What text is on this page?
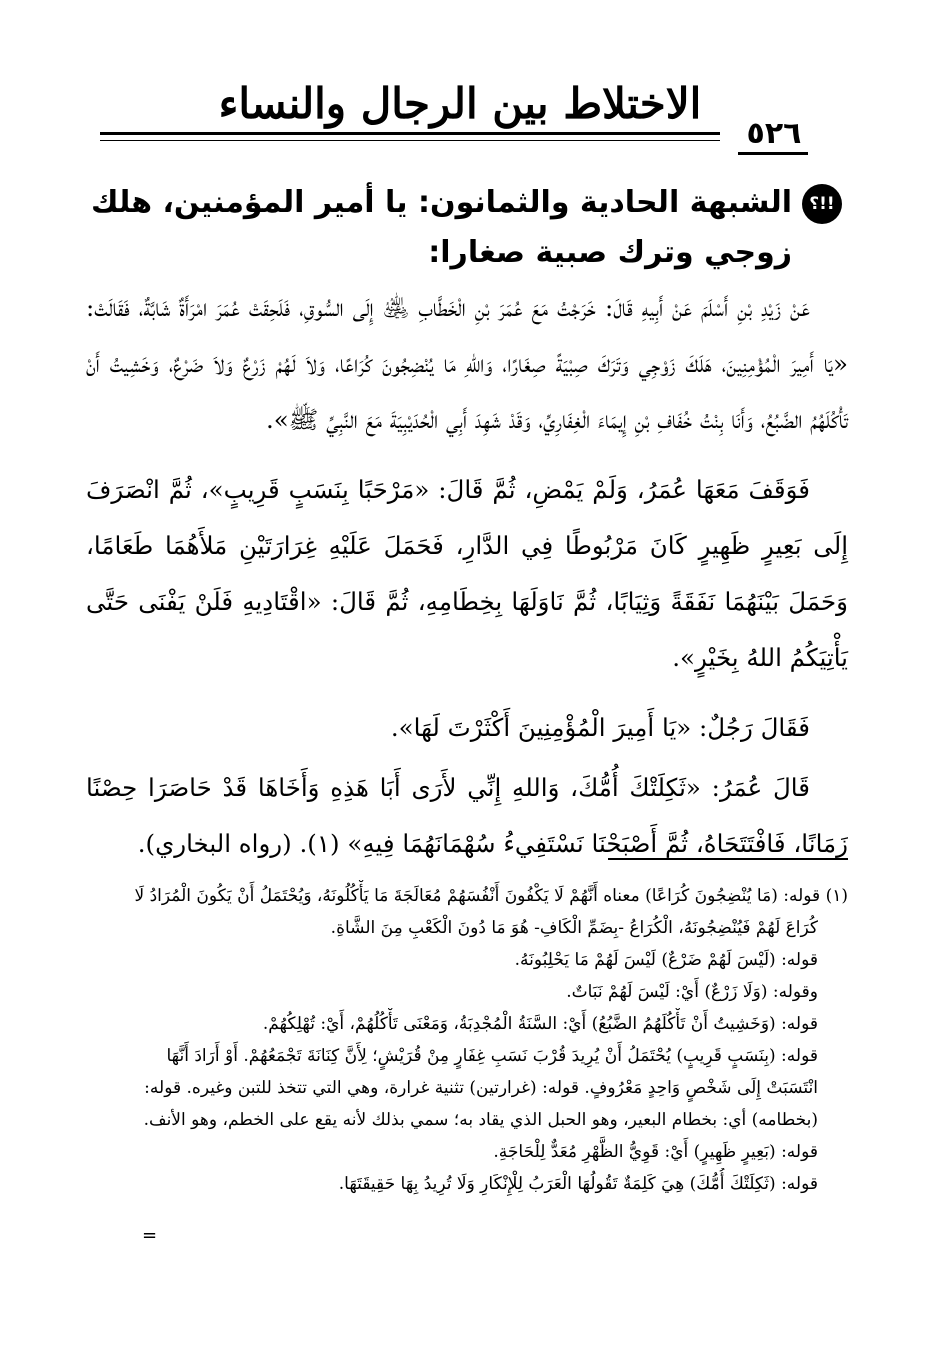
الاختلاط بين الرجال والنساء
٥٢٦
؟!!
الشبهة الحادية والثمانون: يا أمير المؤمنين، هلك زوجي وترك صبية صغارا:

عَنْ زَيْدِ بْنِ أَسْلَمَ عَنْ أَبِيهِ قَالَ: خَرَجْتُ مَعَ عُمَرَ بْنِ الْخَطَّابِ ﵁ إِلَى السُّوقِ، فَلَحِقَتْ عُمَرَ امْرَأَةٌ شَابَّةٌ، فَقَالَتْ: «يَا أَمِيرَ الْمُؤْمِنِينَ، هَلَكَ زَوْجِي وَتَرَكَ صِبْيَةً صِغَارًا، وَاللهِ مَا يُنْضِجُونَ كُرَاعًا، وَلاَ لَهُمْ زَرْعٌ وَلاَ ضَرْعٌ، وَخَشِيتُ أَنْ تَأْكُلَهُمُ الضَّبُعُ، وَأَنَا بِنْتُ خُفَافِ بْنِ إِيمَاءَ الْغِفَارِيِّ، وَقَدْ شَهِدَ أَبِي الْحُدَيْبِيَةَ مَعَ النَّبِيِّ ﷺ».

فَوَقَفَ مَعَهَا عُمَرُ، وَلَمْ يَمْضِ، ثُمَّ قَالَ: «مَرْحَبًا بِنَسَبٍ قَرِيبٍ»، ثُمَّ انْصَرَفَ إِلَى بَعِيرٍ ظَهِيرٍ كَانَ مَرْبُوطًا فِي الدَّارِ، فَحَمَلَ عَلَيْهِ غِرَارَتَيْنِ مَلأَهُمَا طَعَامًا، وَحَمَلَ بَيْنَهُمَا نَفَقَةً وَثِيَابًا، ثُمَّ نَاوَلَهَا بِخِطَامِهِ، ثُمَّ قَالَ: «اقْتَادِيهِ فَلَنْ يَفْنَى حَتَّى يَأْتِيَكُمُ اللهُ بِخَيْرٍ».

فَقَالَ رَجُلٌ: «يَا أَمِيرَ الْمُؤْمِنِينَ أَكْثَرْتَ لَهَا».

قَالَ عُمَرُ: «ثَكِلَتْكَ أُمُّكَ، وَاللهِ إِنِّي لأَرَى أَبَا هَذِهِ وَأَخَاهَا قَدْ حَاصَرَا حِصْنًا زَمَانًا، فَافْتَتَحَاهُ، ثُمَّ أَصْبَحْنَا نَسْتَفِيءُ سُهْمَانَهُمَا فِيهِ» (١). (رواه البخاري).

(١) قوله: (مَا يُنْضِجُونَ كُرَاعًا) معناه أَنَّهُمْ لَا يَكْفُونَ أَنْفُسَهُمْ مُعَالَجَةَ مَا يَأْكُلُونَهُ، وَيُحْتَمَلُ أَنْ يَكُونَ الْمُرَادُ لَا

كُرَاعَ لَهُمْ فَيُنْضِجُونَهُ، الْكُرَاعُ -بِضَمِّ الْكَافِ- هُوَ مَا دُونَ الْكَعْبِ مِنَ الشَّاةِ.

قوله: (لَيْسَ لَهُمْ ضَرْعٌ) لَيْسَ لَهُمْ مَا يَحْلِبُونَهُ.

وقوله: (وَلَا زَرْعٌ) أَيْ: لَيْسَ لَهُمْ نَبَاتٌ.

قوله: (وَخَشِيتُ أَنْ تَأْكُلَهُمُ الضَّبُعُ) أَيْ: السَّنَةُ الْمُجْدِبَةُ، وَمَعْنَى تَأْكُلُهُمْ، أَيْ: تُهْلِكُهُمْ.

قوله: (بِنَسَبٍ قَرِيبٍ) يُحْتَمَلُ أَنْ يُرِيدَ قُرْبَ نَسَبِ غِفَارٍ مِنْ قُرَيْشٍ؛ لِأَنَّ كِنَانَةَ تَجْمَعُهُمْ. أَوْ أَرَادَ أَنَّهَا

انْتَسَبَتْ إِلَى شَخْصٍ وَاحِدٍ مَعْرُوفٍ. قوله: (غرارتين) تثنية غرارة، وهي التي تتخذ للتبن وغيره. قوله:

(بخطامه) أي: بخطام البعير، وهو الحبل الذي يقاد به؛ سمي بذلك لأنه يقع على الخطم، وهو الأنف.

قوله: (بَعِيرٍ ظَهِيرٍ) أَيْ: قَوِيُّ الظَّهْرِ مُعَدٌّ لِلْحَاجَةِ.

قوله: (ثَكِلَتْكَ أُمُّكَ) هِيَ كَلِمَةٌ تَقُولُهَا الْعَرَبُ لِلْإِنْكَارِ وَلَا تُرِيدُ بِهَا حَقِيقَتَهَا.

=
